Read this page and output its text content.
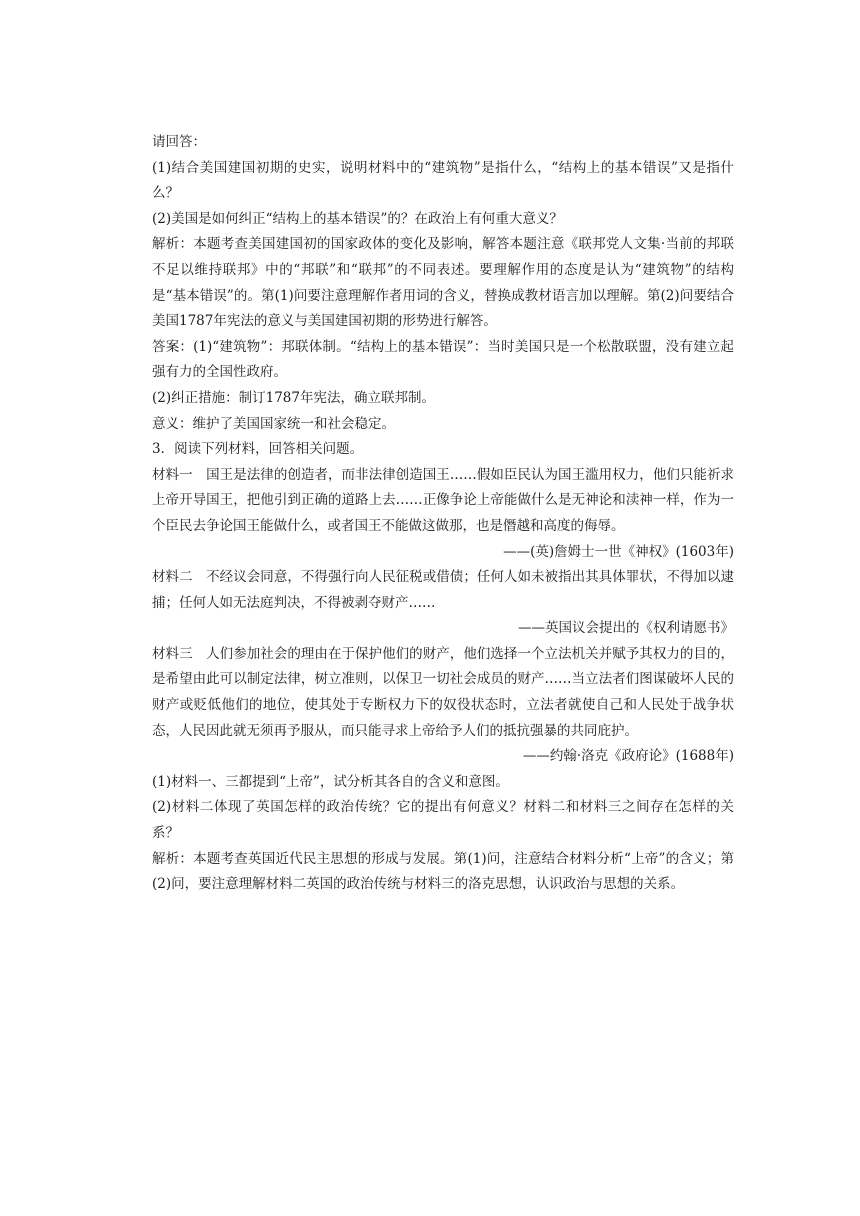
请回答：

(1)结合美国建国初期的史实，说明材料中的“建筑物”是指什么，“结构上的基本错误”又是指什么？

(2)美国是如何纠正“结构上的基本错误”的？在政治上有何重大意义？

解析：本题考查美国建国初的国家政体的变化及影响，解答本题注意《联邦党人文集·当前的邦联不足以维持联邦》中的“邦联”和“联邦”的不同表述。要理解作用的态度是认为“建筑物”的结构是“基本错误”的。第(1)问要注意理解作者用词的含义，替换成教材语言加以理解。第(2)问要结合美国1787年宪法的意义与美国建国初期的形势进行解答。

答案：(1)“建筑物”：邦联体制。“结构上的基本错误”：当时美国只是一个松散联盟，没有建立起强有力的全国性政府。

(2)纠正措施：制订1787年宪法，确立联邦制。

意义：维护了美国国家统一和社会稳定。

3．阅读下列材料，回答相关问题。

材料一　国王是法律的创造者，而非法律创造国王……假如臣民认为国王滥用权力，他们只能祈求上帝开导国王，把他引到正确的道路上去……正像争论上帝能做什么是无神论和渎神一样，作为一个臣民去争论国王能做什么，或者国王不能做这做那，也是僭越和高度的侮辱。

——(英)詹姆士一世《神权》(1603年)

材料二　不经议会同意，不得强行向人民征税或借债；任何人如未被指出其具体罪状，不得加以逮捕；任何人如无法庭判决，不得被剥夺财产……

——英国议会提出的《权利请愿书》

材料三　人们参加社会的理由在于保护他们的财产，他们选择一个立法机关并赋予其权力的目的，是希望由此可以制定法律，树立准则，以保卫一切社会成员的财产……当立法者们图谋破坏人民的财产或贬低他们的地位，使其处于专断权力下的奴役状态时，立法者就使自己和人民处于战争状态，人民因此就无须再予服从，而只能寻求上帝给予人们的抵抗强暴的共同庇护。

——约翰·洛克《政府论》(1688年)

(1)材料一、三都提到“上帝”，试分析其各自的含义和意图。

(2)材料二体现了英国怎样的政治传统？它的提出有何意义？材料二和材料三之间存在怎样的关系？

解析：本题考查英国近代民主思想的形成与发展。第(1)问，注意结合材料分析“上帝”的含义；第(2)问，要注意理解材料二英国的政治传统与材料三的洛克思想，认识政治与思想的关系。
